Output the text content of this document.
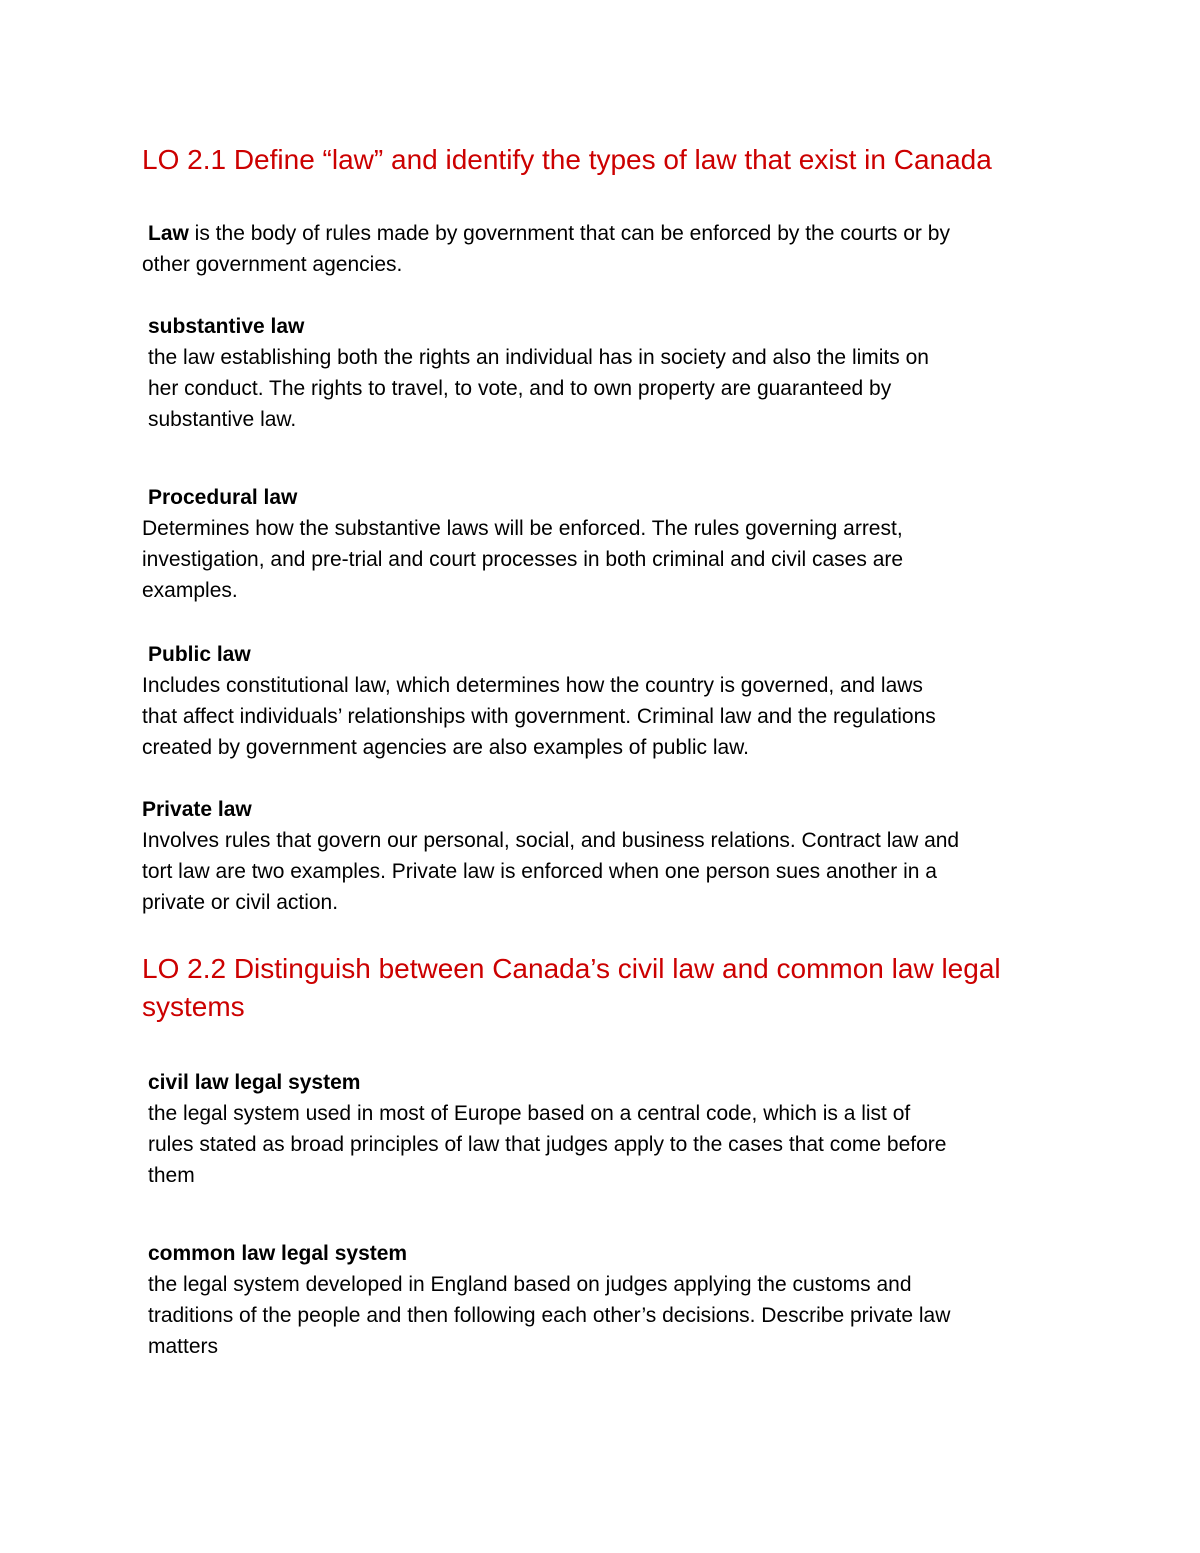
LO 2.1 Define “law” and identify the types of law that exist in Canada
Law is the body of rules made by government that can be enforced by the courts or by
other government agencies.
substantive law
the law establishing both the rights an individual has in society and also the limits on
her conduct. The rights to travel, to vote, and to own property are guaranteed by
substantive law.
Procedural law
Determines how the substantive laws will be enforced. The rules governing arrest,
investigation, and pre-trial and court processes in both criminal and civil cases are
examples.
Public law
Includes constitutional law, which determines how the country is governed, and laws
that affect individuals’ relationships with government. Criminal law and the regulations
created by government agencies are also examples of public law.
Private law
Involves rules that govern our personal, social, and business relations. Contract law and
tort law are two examples. Private law is enforced when one person sues another in a
private or civil action.
LO 2.2 Distinguish between Canada’s civil law and common law legal
systems
civil law legal system
the legal system used in most of Europe based on a central code, which is a list of
rules stated as broad principles of law that judges apply to the cases that come before
them
common law legal system
the legal system developed in England based on judges applying the customs and
traditions of the people and then following each other’s decisions. Describe private law
matters
